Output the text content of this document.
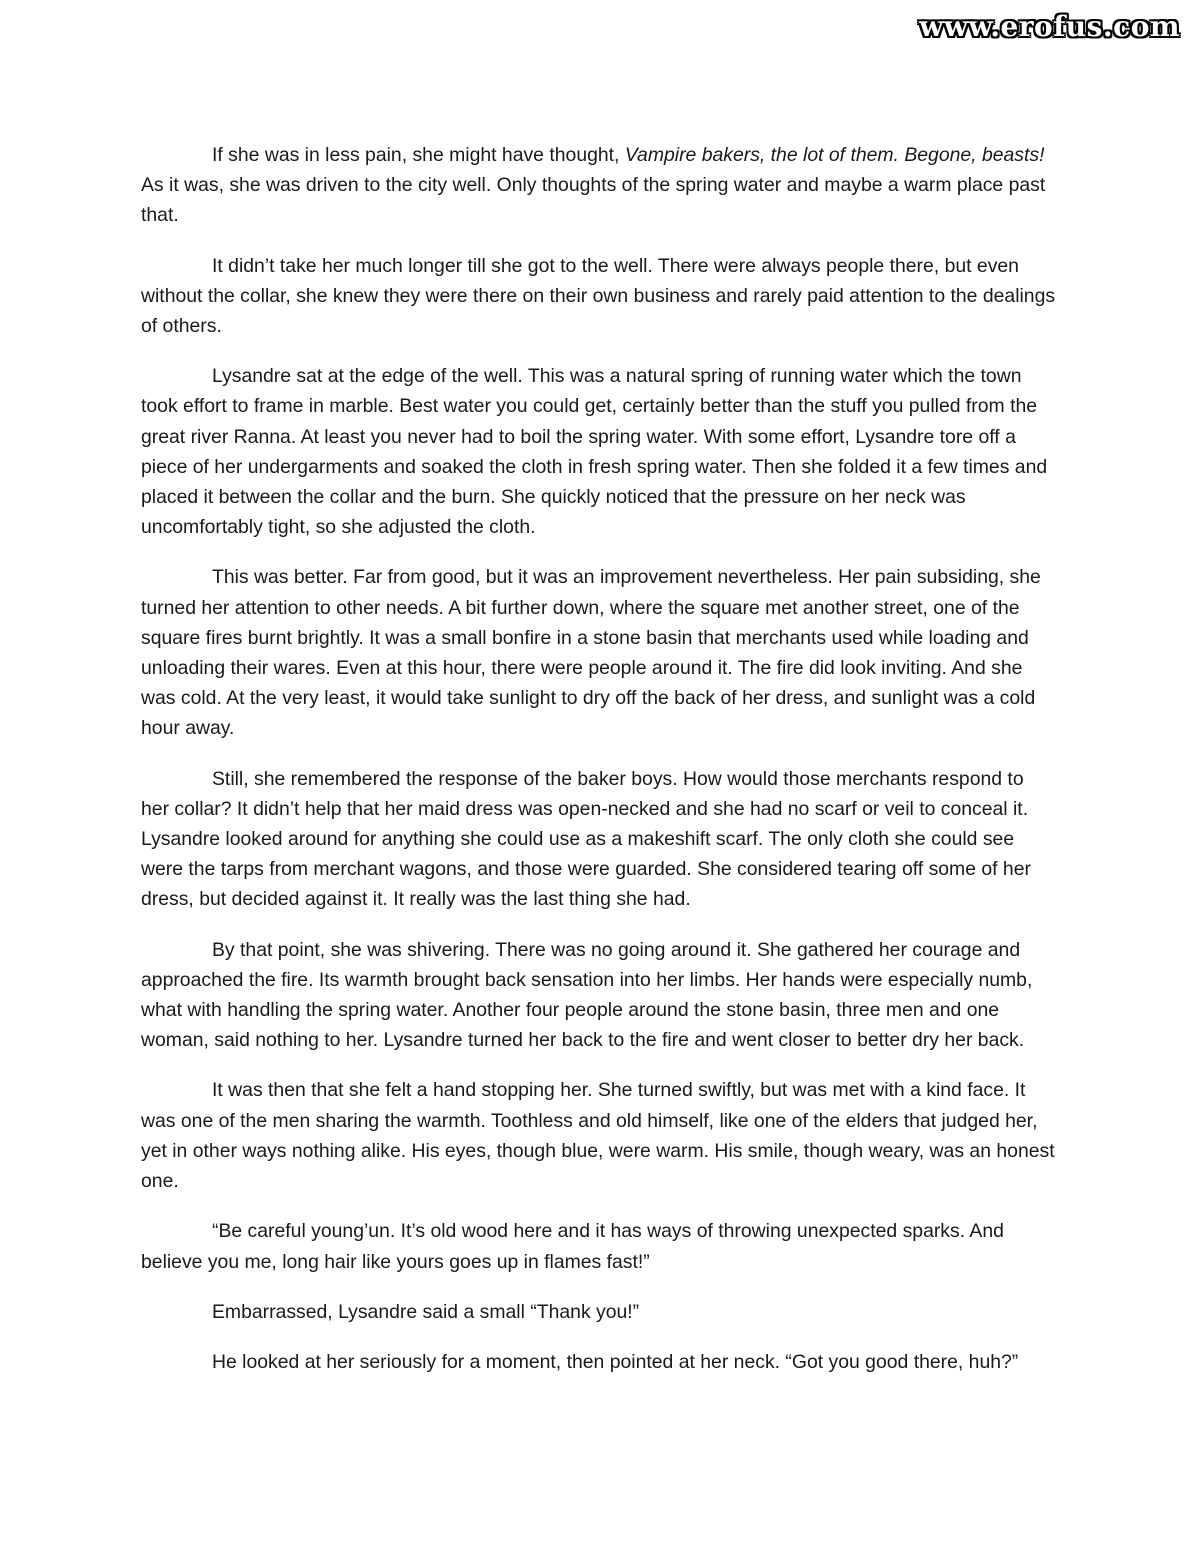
www.erofus.com

If she was in less pain, she might have thought, Vampire bakers, the lot of them. Begone, beasts! As it was, she was driven to the city well. Only thoughts of the spring water and maybe a warm place past that.

It didn’t take her much longer till she got to the well. There were always people there, but even without the collar, she knew they were there on their own business and rarely paid attention to the dealings of others.

Lysandre sat at the edge of the well. This was a natural spring of running water which the town took effort to frame in marble. Best water you could get, certainly better than the stuff you pulled from the great river Ranna. At least you never had to boil the spring water. With some effort, Lysandre tore off a piece of her undergarments and soaked the cloth in fresh spring water. Then she folded it a few times and placed it between the collar and the burn. She quickly noticed that the pressure on her neck was uncomfortably tight, so she adjusted the cloth.

This was better. Far from good, but it was an improvement nevertheless. Her pain subsiding, she turned her attention to other needs. A bit further down, where the square met another street, one of the square fires burnt brightly. It was a small bonfire in a stone basin that merchants used while loading and unloading their wares. Even at this hour, there were people around it. The fire did look inviting. And she was cold. At the very least, it would take sunlight to dry off the back of her dress, and sunlight was a cold hour away.

Still, she remembered the response of the baker boys. How would those merchants respond to her collar? It didn’t help that her maid dress was open-necked and she had no scarf or veil to conceal it. Lysandre looked around for anything she could use as a makeshift scarf. The only cloth she could see were the tarps from merchant wagons, and those were guarded. She considered tearing off some of her dress, but decided against it. It really was the last thing she had.

By that point, she was shivering. There was no going around it. She gathered her courage and approached the fire. Its warmth brought back sensation into her limbs. Her hands were especially numb, what with handling the spring water. Another four people around the stone basin, three men and one woman, said nothing to her. Lysandre turned her back to the fire and went closer to better dry her back.

It was then that she felt a hand stopping her. She turned swiftly, but was met with a kind face. It was one of the men sharing the warmth. Toothless and old himself, like one of the elders that judged her, yet in other ways nothing alike. His eyes, though blue, were warm. His smile, though weary, was an honest one.

“Be careful young’un. It’s old wood here and it has ways of throwing unexpected sparks. And believe you me, long hair like yours goes up in flames fast!”

Embarrassed, Lysandre said a small “Thank you!”

He looked at her seriously for a moment, then pointed at her neck. “Got you good there, huh?”
